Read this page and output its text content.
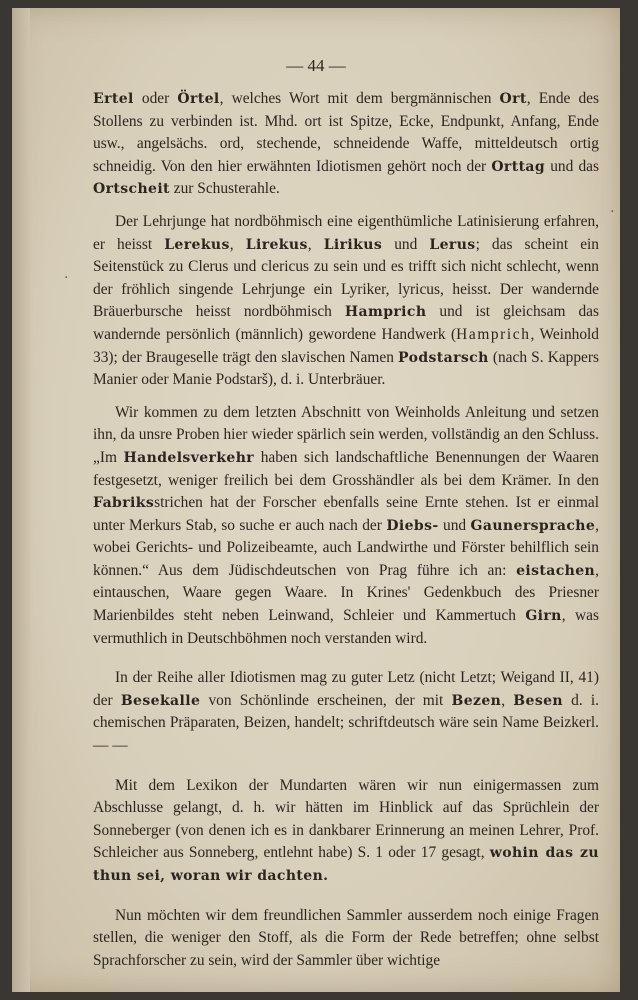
— 44 —

Ertel oder Örtel, welches Wort mit dem bergmännischen Ort, Ende des Stollens zu verbinden ist. Mhd. ort ist Spitze, Ecke, Endpunkt, Anfang, Ende usw., angelsächs. ord, stechende, schneidende Waffe, mitteldeutsch ortig schneidig. Von den hier erwähnten Idiotismen gehört noch der Orttag und das Ortscheit zur Schusterahle.

Der Lehrjunge hat nordböhmisch eine eigenthümliche Latinisierung erfahren, er heisst Lerekus, Lirekus, Lirikus und Lerus; das scheint ein Seitenstück zu Clerus und clericus zu sein und es trifft sich nicht schlecht, wenn der fröhlich singende Lehrjunge ein Lyriker, lyricus, heisst. Der wandernde Bräuerbursche heisst nordböhmisch Hamprich und ist gleichsam das wandernde persönlich (männlich) gewordene Handwerk (Hamprich, Weinhold 33); der Braugeselle trägt den slavischen Namen Podstarsch (nach S. Kappers Manier oder Manie Podstarš), d. i. Unterbräuer.

Wir kommen zu dem letzten Abschnitt von Weinholds Anleitung und setzen ihn, da unsre Proben hier wieder spärlich sein werden, vollständig an den Schluss. „Im Handelsverkehr haben sich landschaftliche Benennungen der Waaren festgesetzt, weniger freilich bei dem Grosshändler als bei dem Krämer. In den Fabriksstrichen hat der Forscher ebenfalls seine Ernte stehen. Ist er einmal unter Merkurs Stab, so suche er auch nach der Diebs- und Gaunersprache, wobei Gerichts- und Polizeibeamte, auch Landwirthe und Förster behilflich sein können.“ Aus dem Jüdischdeutschen von Prag führe ich an: eistachen, eintauschen, Waare gegen Waare. In Krines' Gedenkbuch des Priesner Marienbildes steht neben Leinwand, Schleier und Kammertuch Girn, was vermuthlich in Deutschböhmen noch verstanden wird.

In der Reihe aller Idiotismen mag zu guter Letz (nicht Letzt; Weigand II, 41) der Besekalle von Schönlinde erscheinen, der mit Bezen, Besen d. i. chemischen Präparaten, Beizen, handelt; schriftdeutsch wäre sein Name Beizkerl. — —

Mit dem Lexikon der Mundarten wären wir nun einigermassen zum Abschlusse gelangt, d. h. wir hätten im Hinblick auf das Sprüchlein der Sonneberger (von denen ich es in dankbarer Erinnerung an meinen Lehrer, Prof. Schleicher aus Sonneberg, entlehnt habe) S. 1 oder 17 gesagt, wohin das zu thun sei, woran wir dachten.

Nun möchten wir dem freundlichen Sammler ausserdem noch einige Fragen stellen, die weniger den Stoff, als die Form der Rede betreffen; ohne selbst Sprachforscher zu sein, wird der Sammler über wichtige

·
·
